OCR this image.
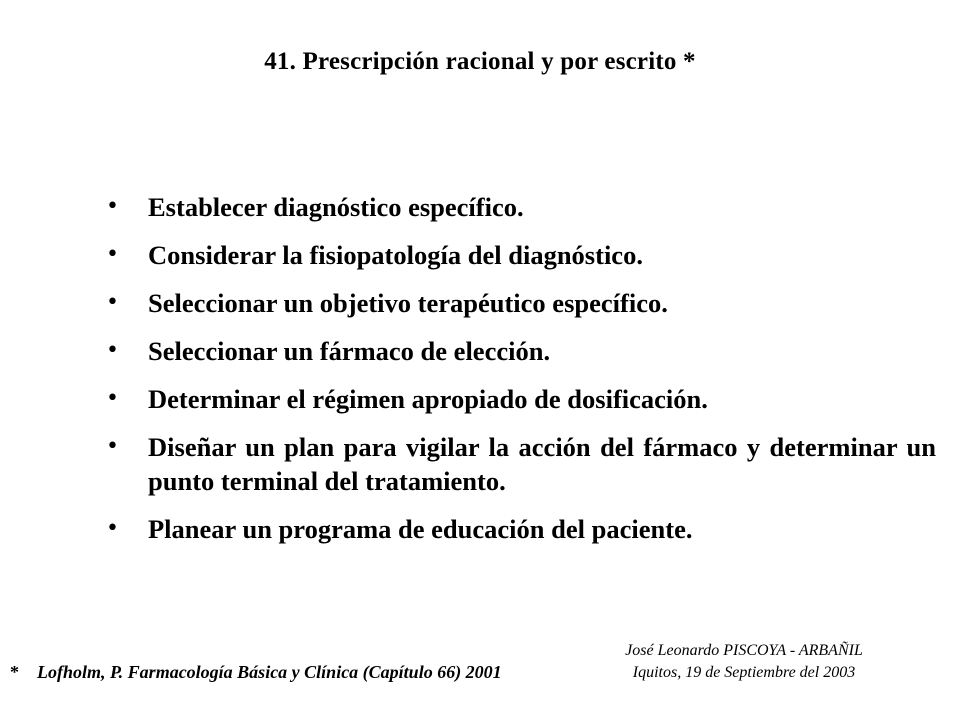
41. Prescripción racional y por escrito *
• Establecer diagnóstico específico.
• Considerar la fisiopatología del diagnóstico.
• Seleccionar un objetivo terapéutico específico.
• Seleccionar un fármaco de elección.
• Determinar el régimen apropiado de dosificación.
• Diseñar un plan para vigilar la acción del fármaco y determinar un punto terminal del tratamiento.
• Planear un programa de educación del paciente.
*	Lofholm, P. Farmacología Básica y Clínica (Capítulo 66) 2001
José Leonardo PISCOYA - ARBAÑIL
Iquitos, 19 de Septiembre del 2003
